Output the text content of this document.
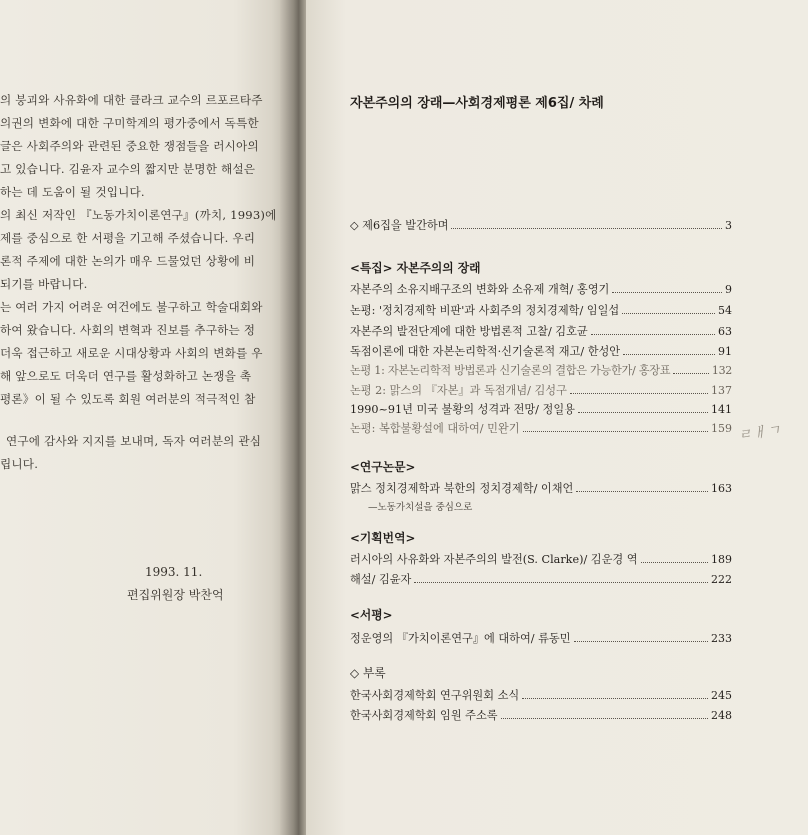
의 붕괴와 사유화에 대한 클라크 교수의 르포르타주
의권의 변화에 대한 구미학계의 평가중에서 독특한
글은 사회주의와 관련된 중요한 쟁점들을 러시아의
고 있습니다. 김윤자 교수의 짧지만 분명한 해설은
하는 데 도움이 될 것입니다.
의 최신 저작인 『노동가치이론연구』(까치, 1993)에
제를 중심으로 한 서평을 기고해 주셨습니다. 우리
론적 주제에 대한 논의가 매우 드물었던 상황에 비
되기를 바랍니다.
는 여러 가지 어려운 여건에도 불구하고 학술대회와
하여 왔습니다. 사회의 변혁과 진보를 추구하는 정
더욱 접근하고 새로운 시대상황과 사회의 변화를 우
해 앞으로도 더욱더 연구를 활성화하고 논쟁을 촉
평론》이 될 수 있도록 회원 여러분의 적극적인 참
연구에 감사와 지지를 보내며, 독자 여러분의 관심
립니다.
1993. 11.
편집위원장 박찬억
자본주의의 장래—사회경제평론 제6집/ 차례
◇ 제6집을 발간하며	3
<특집> 자본주의의 장래
자본주의 소유지배구조의 변화와 소유제 개혁/ 홍영기	9
논평: '정치경제학 비판'과 사회주의 정치경제학/ 임일섭	54
자본주의 발전단계에 대한 방법론적 고찰/ 김호균	63
독점이론에 대한 자본논리학적·신기술론적 재고/ 한성안	91
논평 1: 자본논리학적 방법론과 신기술론의 결합은 가능한가/ 홍장표	132
논평 2: 맑스의 『자본』과 독점개념/ 김성구	137
1990~91년 미국 불황의 성격과 전망/ 정일용	141
논평: 복합불황설에 대하여/ 민완기	159 ㄹㅐㄱ
<연구논문>
맑스 정치경제학과 북한의 정치경제학/ 이채언	163
—노동가치설을 중심으로
<기획번역>
러시아의 사유화와 자본주의의 발전(S. Clarke)/ 김운경 역	189
해설/ 김윤자	222
<서평>
정운영의 『가치이론연구』에 대하여/ 류동민	233
◇ 부록
한국사회경제학회 연구위원회 소식	245
한국사회경제학회 임원 주소록	248
